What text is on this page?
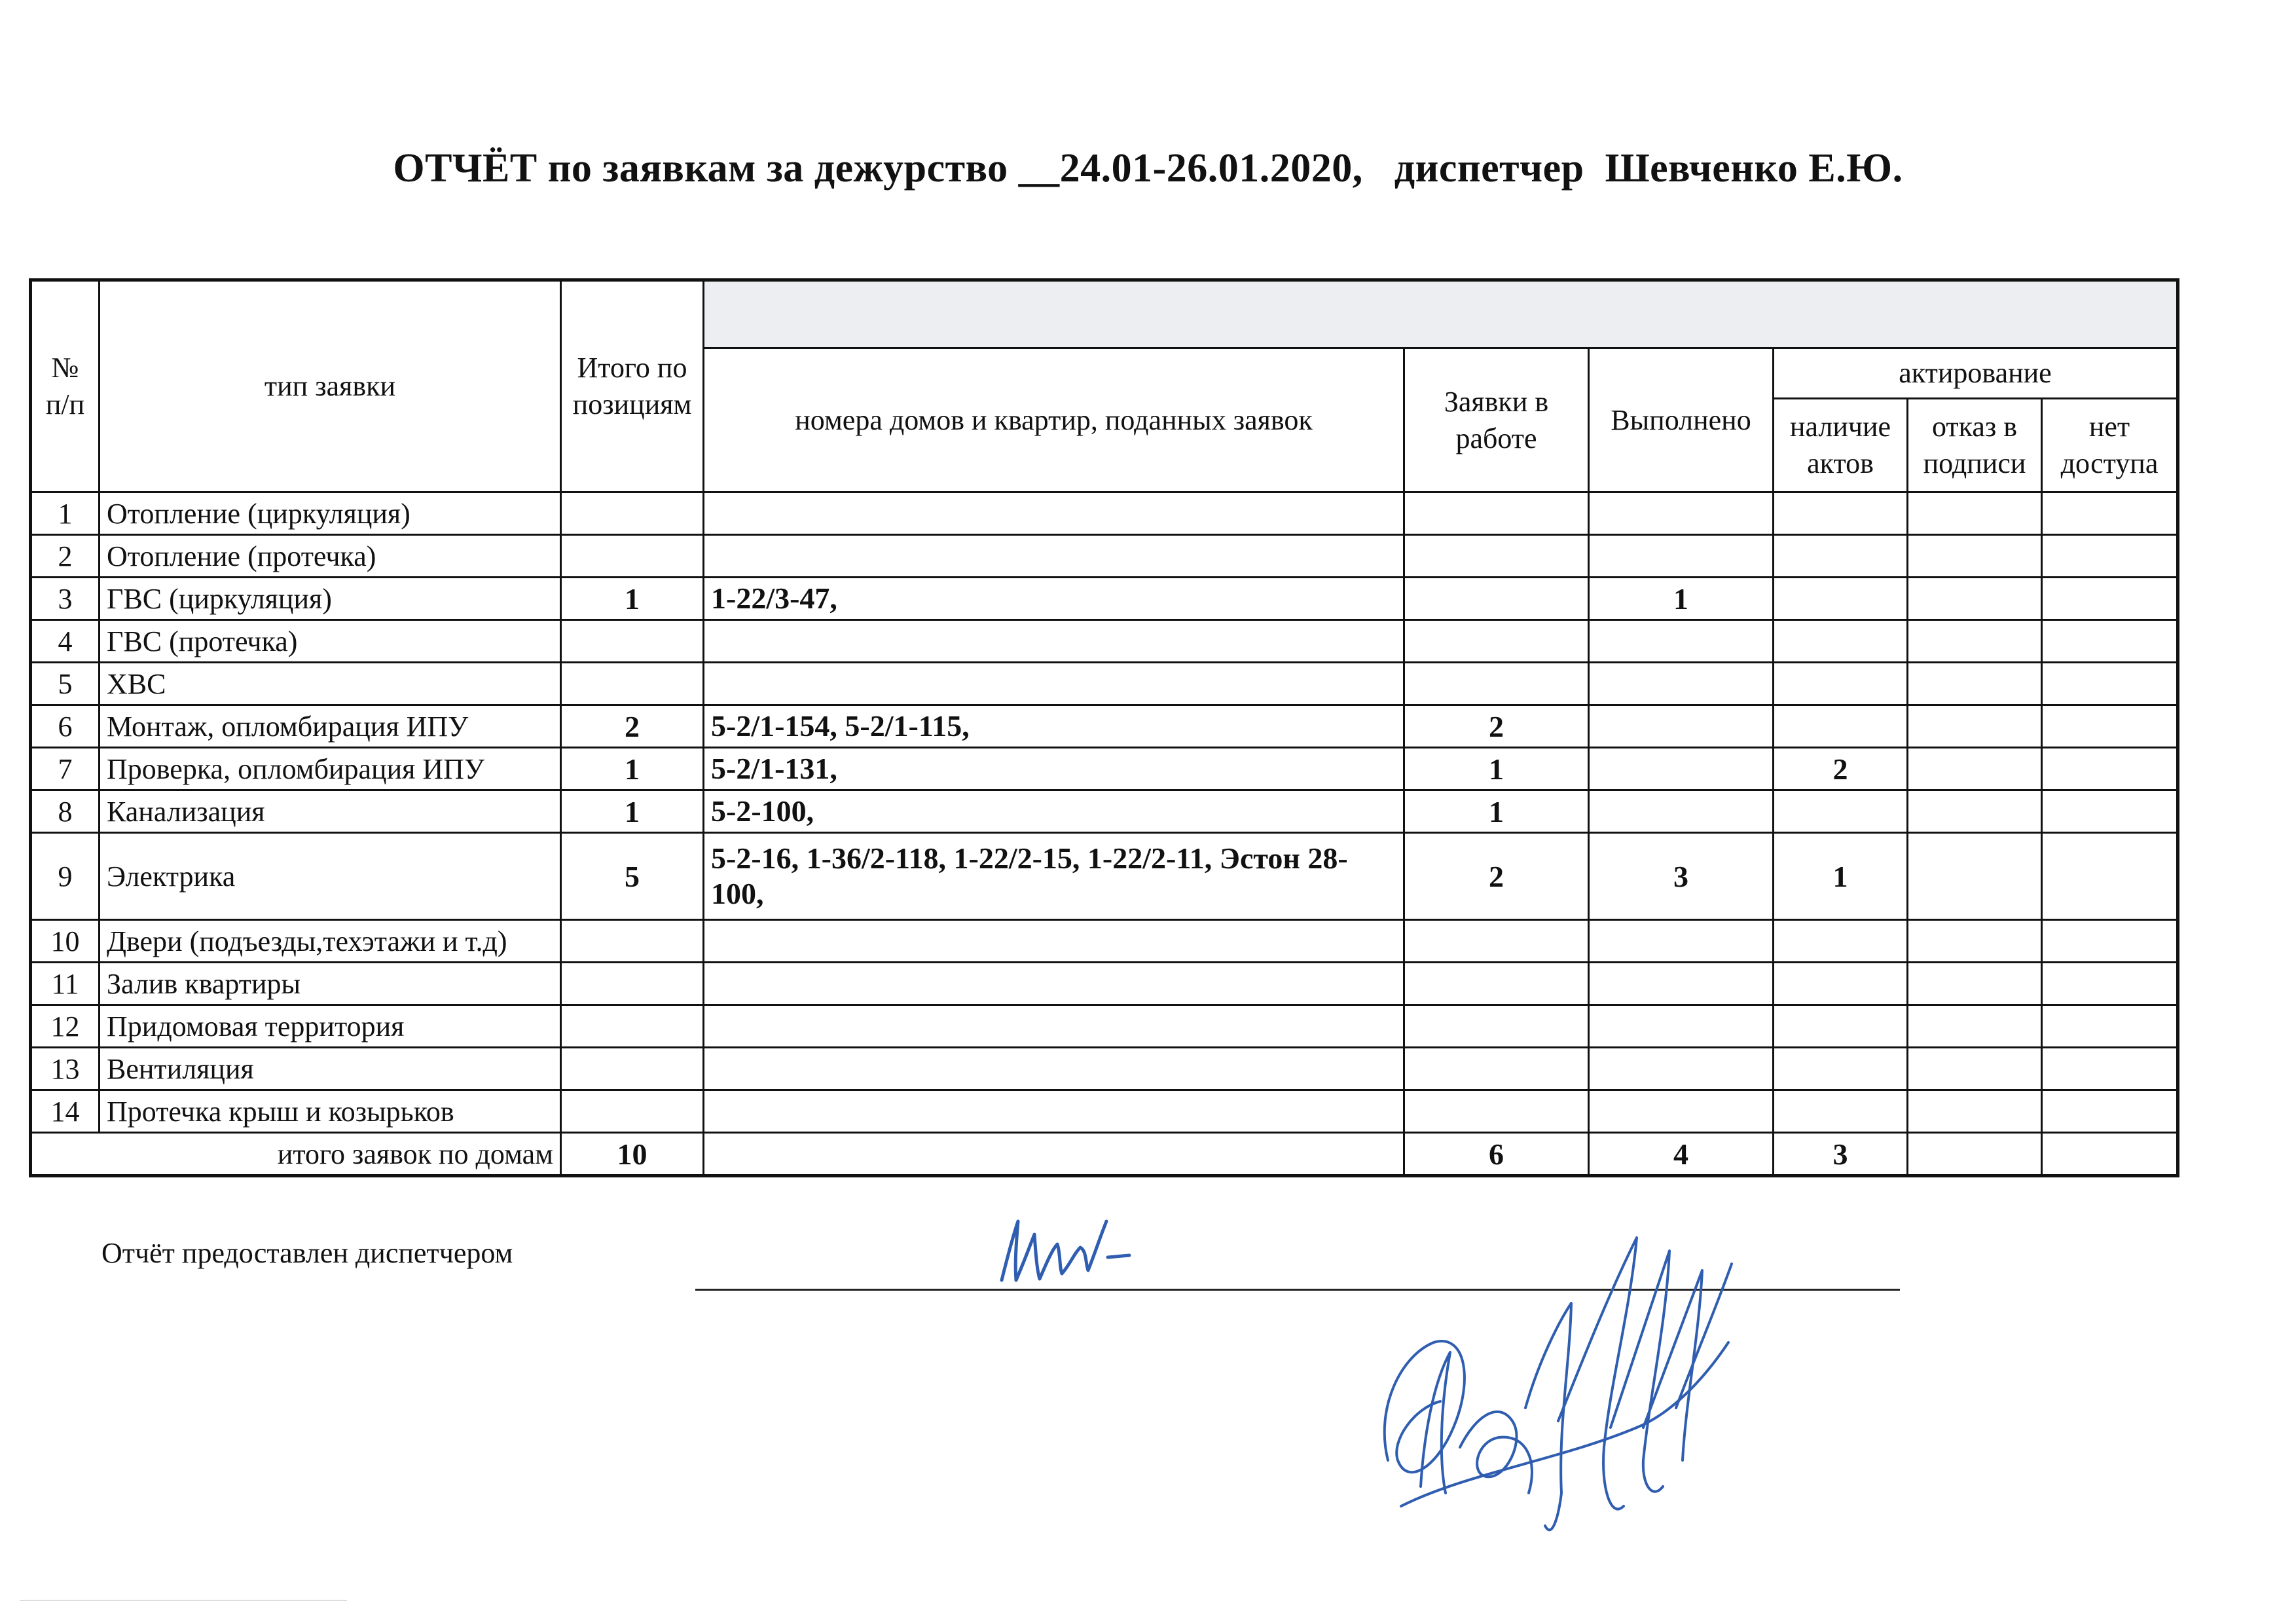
ОТЧЁТ по заявкам за дежурство __24.01-26.01.2020, диспетчер Шевченко Е.Ю.
№ п/п	тип заявки	Итого по позициям						
			номера домов и квартир, поданных заявок	Заявки в работе	Выполнено	актирование		
						наличие актов	отказ в подписи	нет доступа
1	Отопление (циркуляция)							
2	Отопление (протечка)							
3	ГВС (циркуляция)	1	1-22/3-47,		1			
4	ГВС (протечка)							
5	ХВС							
6	Монтаж, опломбирация ИПУ	2	5-2/1-154, 5-2/1-115,	2				
7	Проверка, опломбирация ИПУ	1	5-2/1-131,	1		2		
8	Канализация	1	5-2-100,	1				
9	Электрика	5	5-2-16, 1-36/2-118, 1-22/2-15, 1-22/2-11, Эстон 28-100,	2	3	1		
10	Двери (подъезды,техэтажи и т.д)							
11	Залив квартиры							
12	Придомовая территория							
13	Вентиляция							
14	Протечка крыш и козырьков							
итого заявок по домам		10		6	4	3		
Отчёт предоставлен диспетчером
